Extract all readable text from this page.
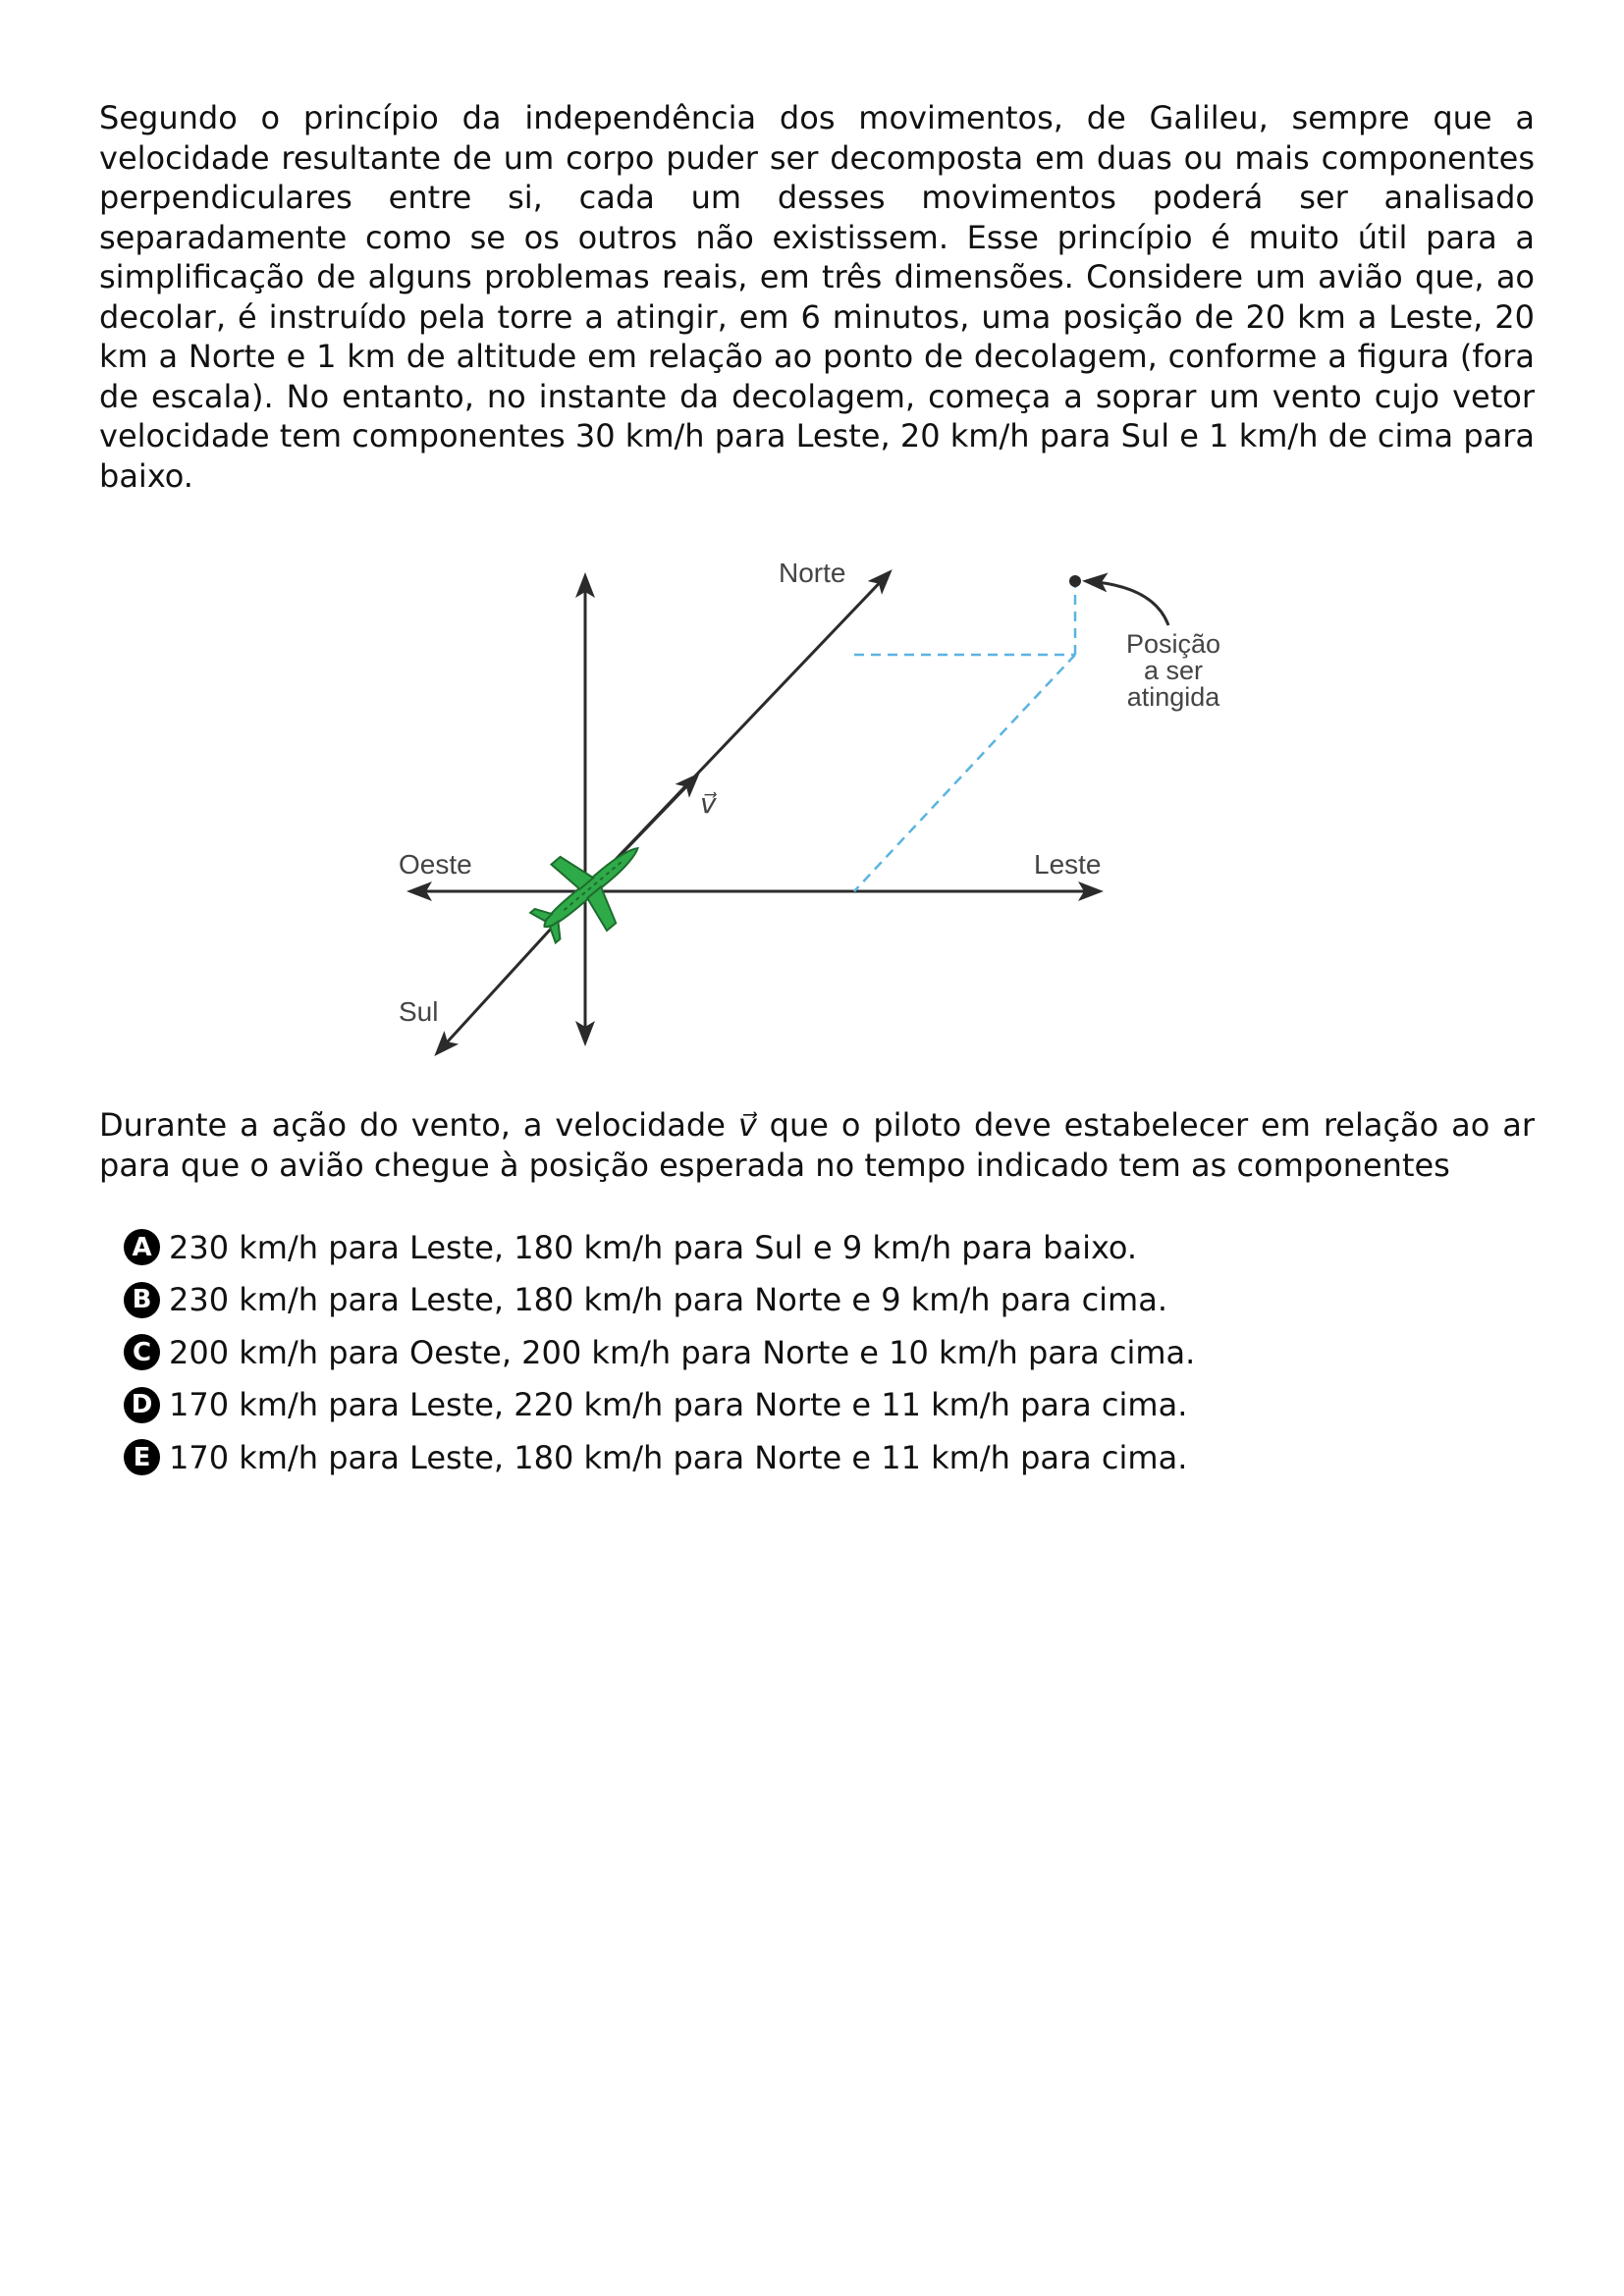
Segundo o princípio da independência dos movimentos, de Galileu, sempre que a velocidade resultante de um corpo puder ser decomposta em duas ou mais componentes perpendiculares entre si, cada um desses movimentos poderá ser analisado separadamente como se os outros não existissem. Esse princípio é muito útil para a simplificação de alguns problemas reais, em três dimensões. Considere um avião que, ao decolar, é instruído pela torre a atingir, em 6 minutos, uma posição de 20 km a Leste, 20 km a Norte e 1 km de altitude em relação ao ponto de decolagem, conforme a figura (fora de escala). No entanto, no instante da decolagem, começa a soprar um vento cujo vetor velocidade tem componentes 30 km/h para Leste, 20 km/h para Sul e 1 km/h de cima para baixo.

Norte
Oeste	Leste
Sul
v⃗
Posição
a ser
atingida

Durante a ação do vento, a velocidade v⃗ que o piloto deve estabelecer em relação ao ar para que o avião chegue à posição esperada no tempo indicado tem as componentes

A 230 km/h para Leste, 180 km/h para Sul e 9 km/h para baixo.
B 230 km/h para Leste, 180 km/h para Norte e 9 km/h para cima.
C 200 km/h para Oeste, 200 km/h para Norte e 10 km/h para cima.
D 170 km/h para Leste, 220 km/h para Norte e 11 km/h para cima.
E 170 km/h para Leste, 180 km/h para Norte e 11 km/h para cima.
